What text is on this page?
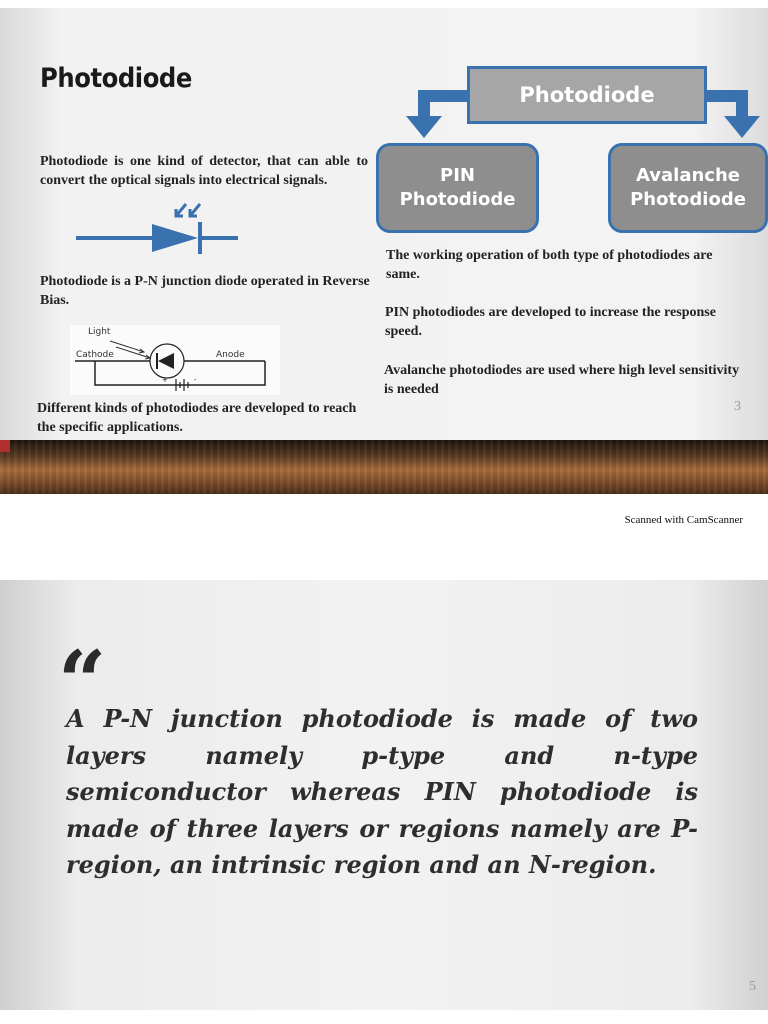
Photodiode
Photodiode is one kind of detector, that can able to convert the optical signals into electrical signals.
Photodiode is a P-N junction diode operated in Reverse Bias.
+	-
Light
Cathode	Anode
Different kinds of photodiodes are developed to reach the specific applications.
Photodiode
PIN
Photodiode
Avalanche
Photodiode
The working operation of both type of photodiodes are same.
PIN photodiodes are developed to increase the response speed.
Avalanche photodiodes are used where high level sensitivity is needed
3
Scanned with CamScanner
“
A P-N junction photodiode is made of two layers namely p-type and n-type semiconductor whereas PIN photodiode is made of three layers or regions namely are P-region, an intrinsic region and an N-region.
5
